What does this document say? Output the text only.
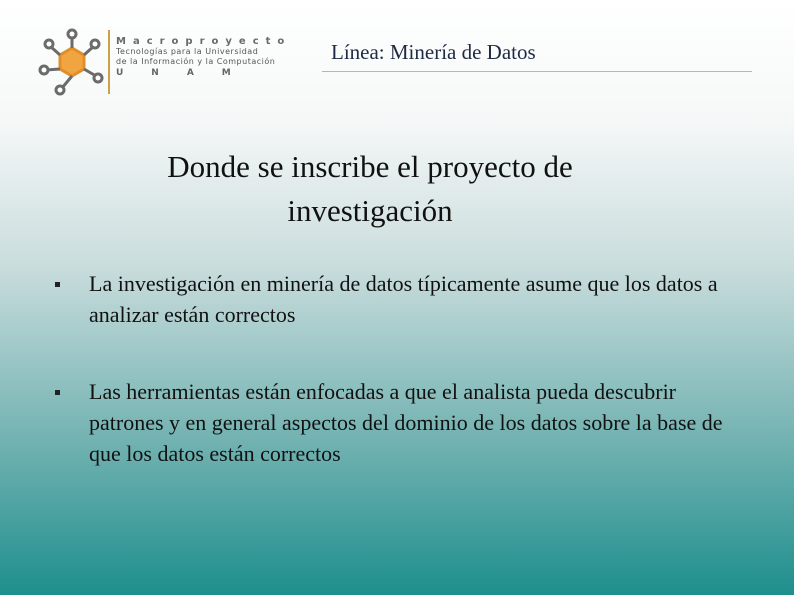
Macroproyecto
Tecnologías para la Universidad
de la Información y la Computación
UNAM
Línea: Minería de Datos
Donde se inscribe el proyecto de investigación
La investigación en minería de datos típicamente asume que los datos a analizar están correctos
Las herramientas están enfocadas a que el analista pueda descubrir patrones y en general aspectos del dominio de los datos sobre la base de que los datos están correctos
